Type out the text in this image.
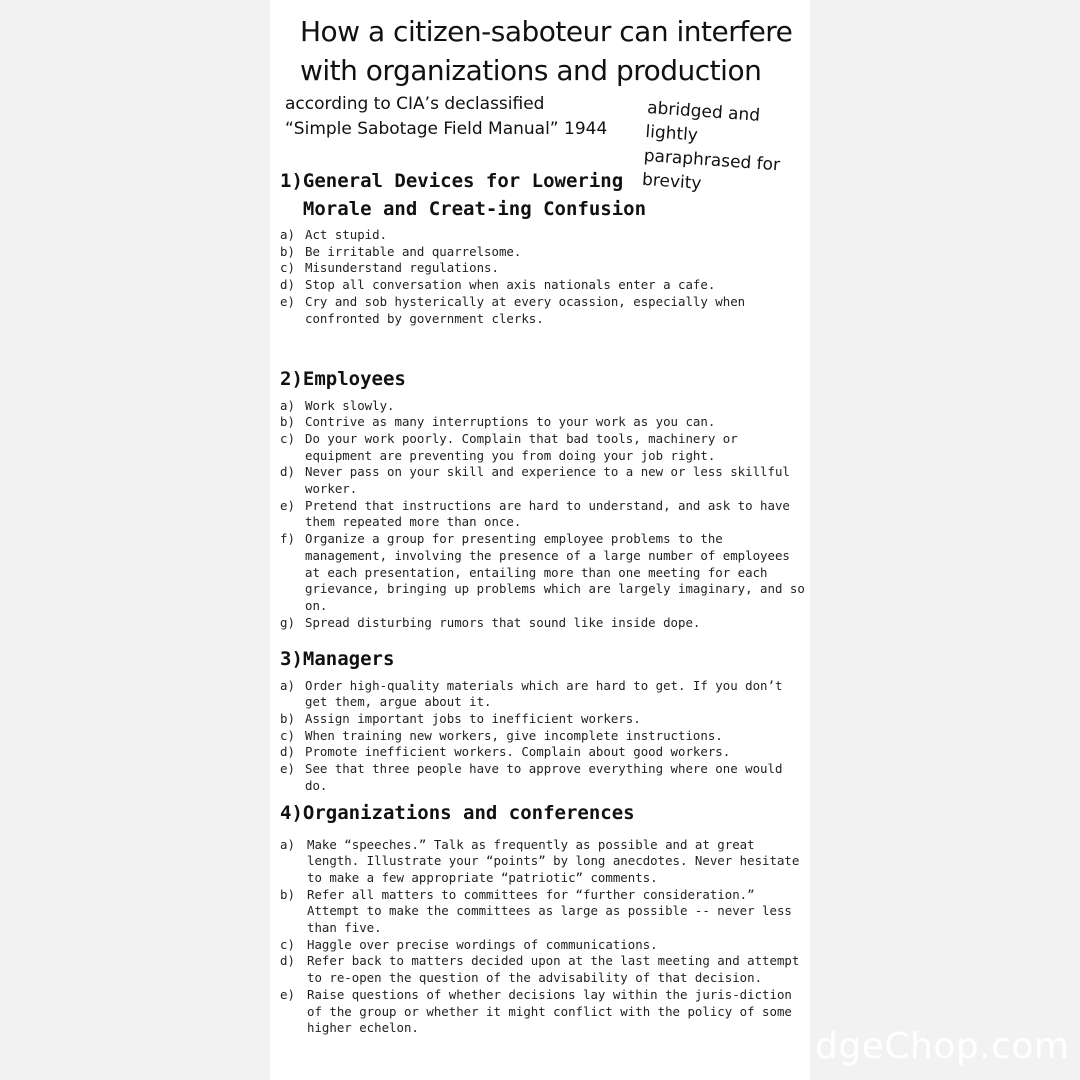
How a citizen-saboteur can interfere with organizations and production
according to CIA’s declassified
“Simple Sabotage Field Manual” 1944
abridged and lightly paraphrased for brevity
1) General Devices for Lowering Morale and Creat-ing Confusion
a) Act stupid.
b) Be irritable and quarrelsome.
c) Misunderstand regulations.
d) Stop all conversation when axis nationals enter a cafe.
e) Cry and sob hysterically at every ocassion, especially when confronted by government clerks.
2) Employees
a) Work slowly.
b) Contrive as many interruptions to your work as you can.
c) Do your work poorly. Complain that bad tools, machinery or equipment are preventing you from doing your job right.
d) Never pass on your skill and experience to a new or less skillful worker.
e) Pretend that instructions are hard to understand, and ask to have them repeated more than once.
f) Organize a group for presenting employee problems to the management, involving the presence of a large number of employees at each presentation, entailing more than one meeting for each grievance, bringing up problems which are largely imaginary, and so on.
g) Spread disturbing rumors that sound like inside dope.
3) Managers
a) Order high-quality materials which are hard to get. If you don’t get them, argue about it.
b) Assign important jobs to inefficient workers.
c) When training new workers, give incomplete instructions.
d) Promote inefficient workers. Complain about good workers.
e) See that three people have to approve everything where one would do.
4) Organizations and conferences
a) Make “speeches.” Talk as frequently as possible and at great length. Illustrate your “points” by long anecdotes. Never hesitate to make a few appropriate “patriotic” comments.
b) Refer all matters to committees for “further consideration.” Attempt to make the committees as large as possible -- never less than five.
c) Haggle over precise wordings of communications.
d) Refer back to matters decided upon at the last meeting and attempt to re-open the question of the advisability of that decision.
e) Raise questions of whether decisions lay within the juris-diction of the group or whether it might conflict with the policy of some higher echelon.	dgeChop.com
